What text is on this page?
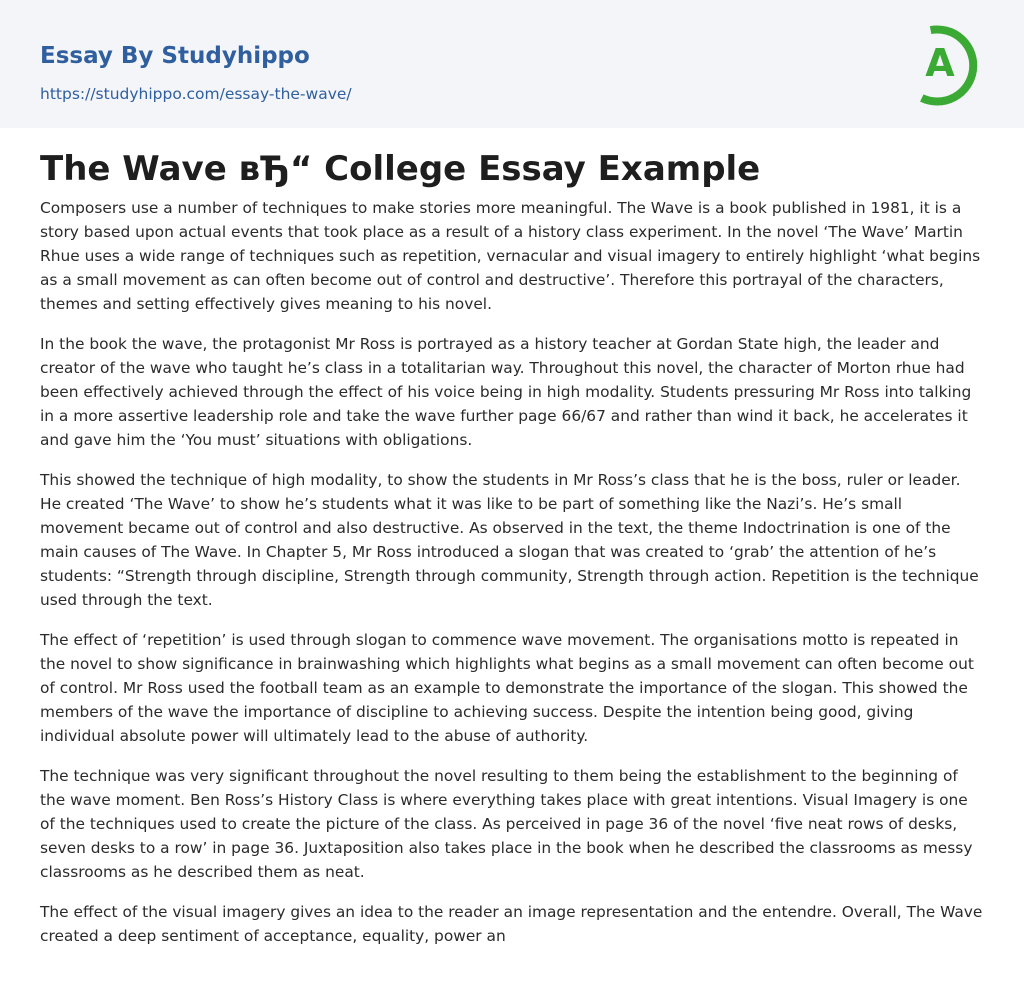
Essay By Studyhippo
https://studyhippo.com/essay-the-wave/
A
The Wave вЂ“ College Essay Example

Composers use a number of techniques to make stories more meaningful. The Wave is a book published in 1981, it is a story based upon actual events that took place as a result of a history class experiment. In the novel ‘The Wave’ Martin Rhue uses a wide range of techniques such as repetition, vernacular and visual imagery to entirely highlight ‘what begins as a small movement as can often become out of control and destructive’. Therefore this portrayal of the characters, themes and setting effectively gives meaning to his novel.

In the book the wave, the protagonist Mr Ross is portrayed as a history teacher at Gordan State high, the leader and creator of the wave who taught he’s class in a totalitarian way. Throughout this novel, the character of Morton rhue had been effectively achieved through the effect of his voice being in high modality. Students pressuring Mr Ross into talking in a more assertive leadership role and take the wave further page 66/67 and rather than wind it back, he accelerates it and gave him the ‘You must’ situations with obligations.

This showed the technique of high modality, to show the students in Mr Ross’s class that he is the boss, ruler or leader. He created ‘The Wave’ to show he’s students what it was like to be part of something like the Nazi’s. He’s small movement became out of control and also destructive. As observed in the text, the theme Indoctrination is one of the main causes of The Wave. In Chapter 5, Mr Ross introduced a slogan that was created to ‘grab’ the attention of he’s students: “Strength through discipline, Strength through community, Strength through action. Repetition is the technique used through the text.

The effect of ‘repetition’ is used through slogan to commence wave movement. The organisations motto is repeated in the novel to show significance in brainwashing which highlights what begins as a small movement can often become out of control. Mr Ross used the football team as an example to demonstrate the importance of the slogan. This showed the members of the wave the importance of discipline to achieving success. Despite the intention being good, giving individual absolute power will ultimately lead to the abuse of authority.

The technique was very significant throughout the novel resulting to them being the establishment to the beginning of the wave moment. Ben Ross’s History Class is where everything takes place with great intentions. Visual Imagery is one of the techniques used to create the picture of the class. As perceived in page 36 of the novel ‘five neat rows of desks, seven desks to a row’ in page 36. Juxtaposition also takes place in the book when he described the classrooms as messy classrooms as he described them as neat.

The effect of the visual imagery gives an idea to the reader an image representation and the entendre. Overall, The Wave created a deep sentiment of acceptance, equality, power an
